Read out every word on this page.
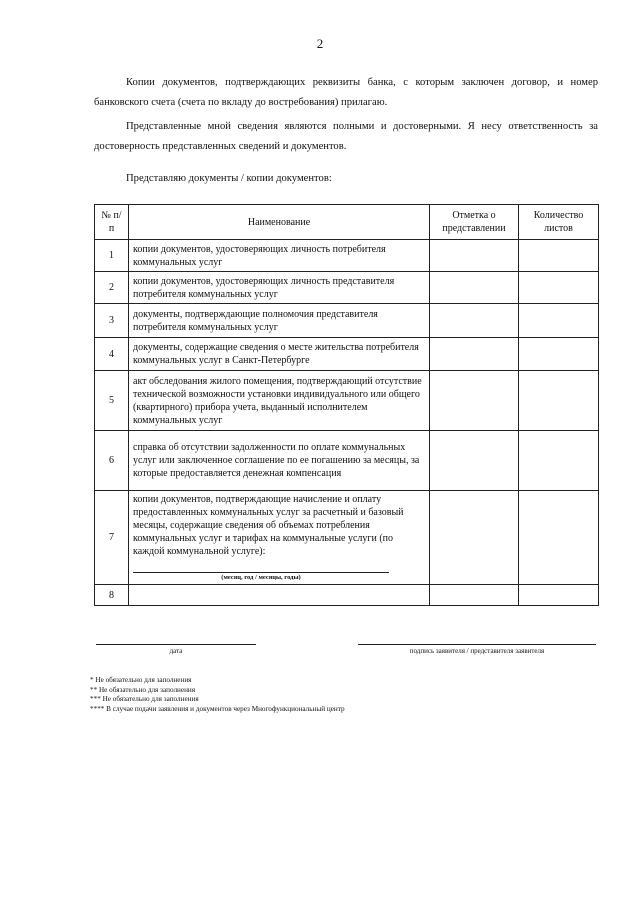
2
Копии документов, подтверждающих реквизиты банка, с которым заключен договор, и номер банковского счета (счета по вкладу до востребования) прилагаю.
Представленные мной сведения являются полными и достоверными. Я несу ответственность за достоверность представленных сведений и документов.
Представляю документы / копии документов:
№ п/п	Наименование	Отметка о представлении	Количество листов
1	копии документов, удостоверяющих личность потребителя коммунальных услуг		
2	копии документов, удостоверяющих личность представителя потребителя коммунальных услуг		
3	документы, подтверждающие полномочия представителя потребителя коммунальных услуг		
4	документы, содержащие сведения о месте жительства потребителя коммунальных услуг в Санкт-Петербурге		
5	акт обследования жилого помещения, подтверждающий отсутствие технической возможности установки индивидуального или общего (квартирного) прибора учета, выданный исполнителем коммунальных услуг		
6	справка об отсутствии задолженности по оплате коммунальных услуг или заключенное соглашение по ее погашению за месяцы, за которые предоставляется денежная компенсация		
7	копии документов, подтверждающие начисление и оплату предоставленных коммунальных услуг за расчетный и базовый месяцы, содержащие сведения об объемах потребления коммунальных услуг и тарифах на коммунальные услуги (по каждой коммунальной услуге):
(месяц, год / месяцы, годы)		

8			
дата	подпись заявителя / представителя заявителя
* Не обязательно для заполнения
** Не обязательно для заполнения
*** Не обязательно для заполнения
**** В случае подачи заявления и документов через Многофункциональный центр
